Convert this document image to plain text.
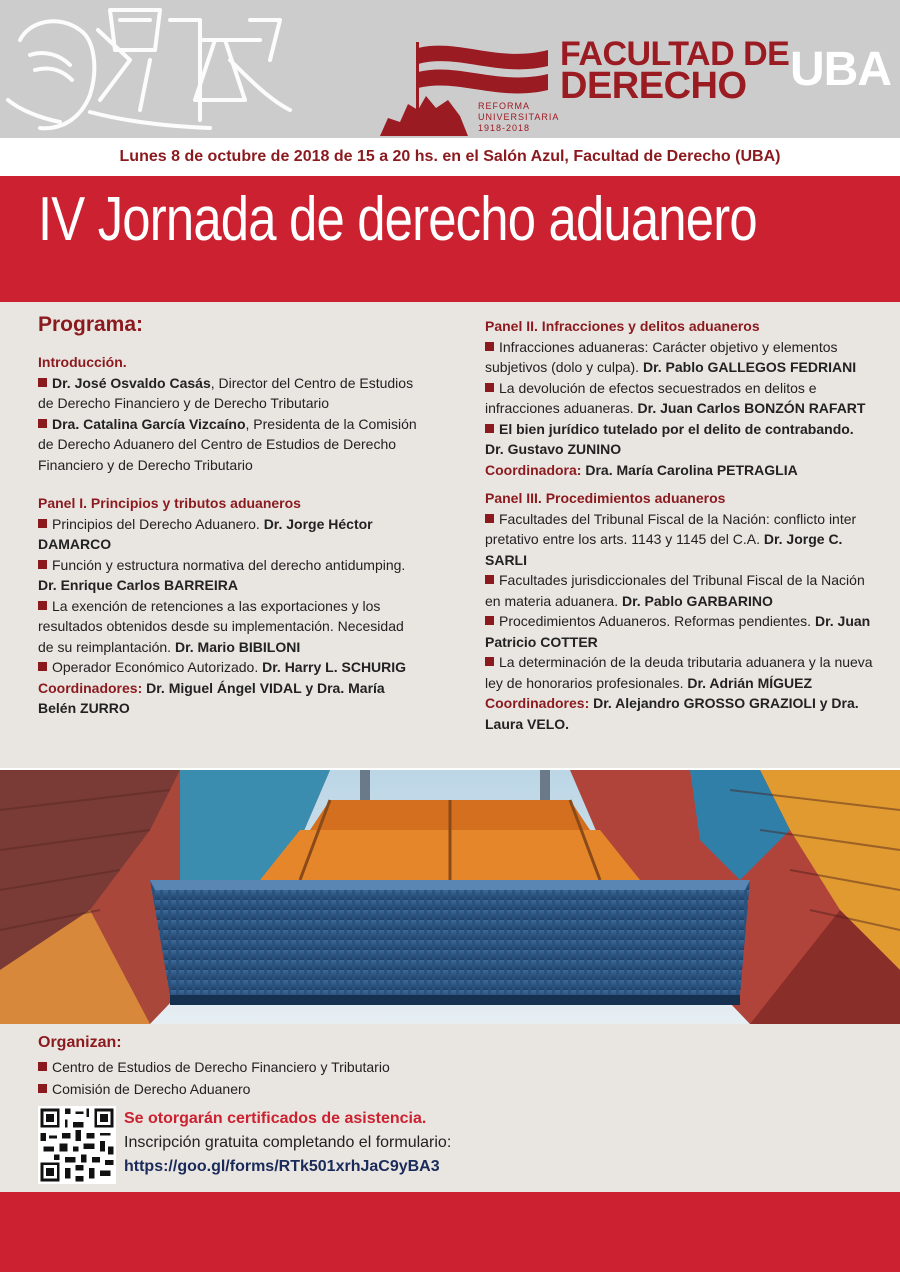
REFORMA
UNIVERSITARIA
1918-2018
FACULTAD DE
DERECHO UBA
Lunes 8 de octubre de 2018 de 15 a 20 hs. en el Salón Azul, Facultad de Derecho (UBA)
IV Jornada de derecho aduanero
Programa:
Introducción.
Dr. José Osvaldo Casás, Director del Centro de Estudios de Derecho Financiero y de Derecho Tributario
Dra. Catalina García Vizcaíno, Presidenta de la Comisión de Derecho Aduanero del Centro de Estudios de Derecho Financiero y de Derecho Tributario
Panel I. Principios y tributos aduaneros
Principios del Derecho Aduanero. Dr. Jorge Héctor DAMARCO
Función y estructura normativa del derecho antidumping. Dr. Enrique Carlos BARREIRA
La exención de retenciones a las exportaciones y los resultados obtenidos desde su implementación. Necesidad de su reimplantación. Dr. Mario BIBILONI
Operador Económico Autorizado. Dr. Harry L. SCHURIG
Coordinadores: Dr. Miguel Ángel VIDAL y Dra. María Belén ZURRO
Panel II. Infracciones y delitos aduaneros
Infracciones aduaneras: Carácter objetivo y elementos subjetivos (dolo y culpa). Dr. Pablo GALLEGOS FEDRIANI
La devolución de efectos secuestrados en delitos e infracciones aduaneras. Dr. Juan Carlos BONZÓN RAFART
El bien jurídico tutelado por el delito de contrabando. Dr. Gustavo ZUNINO
Coordinadora: Dra. María Carolina PETRAGLIA
Panel III. Procedimientos aduaneros
Facultades del Tribunal Fiscal de la Nación: conflicto inter pretativo entre los arts. 1143 y 1145 del C.A. Dr. Jorge C. SARLI
Facultades jurisdiccionales del Tribunal Fiscal de la Nación en materia aduanera. Dr. Pablo GARBARINO
Procedimientos Aduaneros. Reformas pendientes. Dr. Juan Patricio COTTER
La determinación de la deuda tributaria aduanera y la nueva ley de honorarios profesionales. Dr. Adrián MÍGUEZ
Coordinadores: Dr. Alejandro GROSSO GRAZIOLI y Dra. Laura VELO.
Organizan:
Centro de Estudios de Derecho Financiero y Tributario
Comisión de Derecho Aduanero
Se otorgarán certificados de asistencia.
Inscripción gratuita completando el formulario:
https://goo.gl/forms/RTk501xrhJaC9yBA3
